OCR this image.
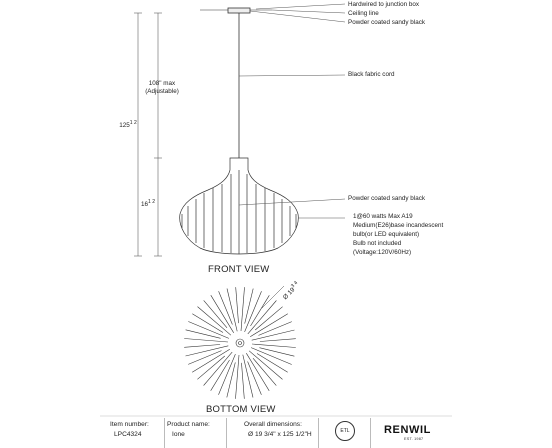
Hardwired to junction box
Ceiling line
Powder coated sandy black
Black fabric cord
Powder coated sandy black
1@60 watts Max A19
Medium(E26)base incandescent
bulb(or LED equivalent)
Bulb not included
(Voltage:120V/60Hz)
108" max
(Adjustable)
$125^{1 2}$
$16^{1 2}$
Ø $19^{3 4}$
FRONT VIEW
BOTTOM VIEW
Item number:
LPC4324
Product name:
Ione
Overall dimensions:
Ø 19 3/4" x 125 1/2"H	ETL	RENWIL
EST. 1987
